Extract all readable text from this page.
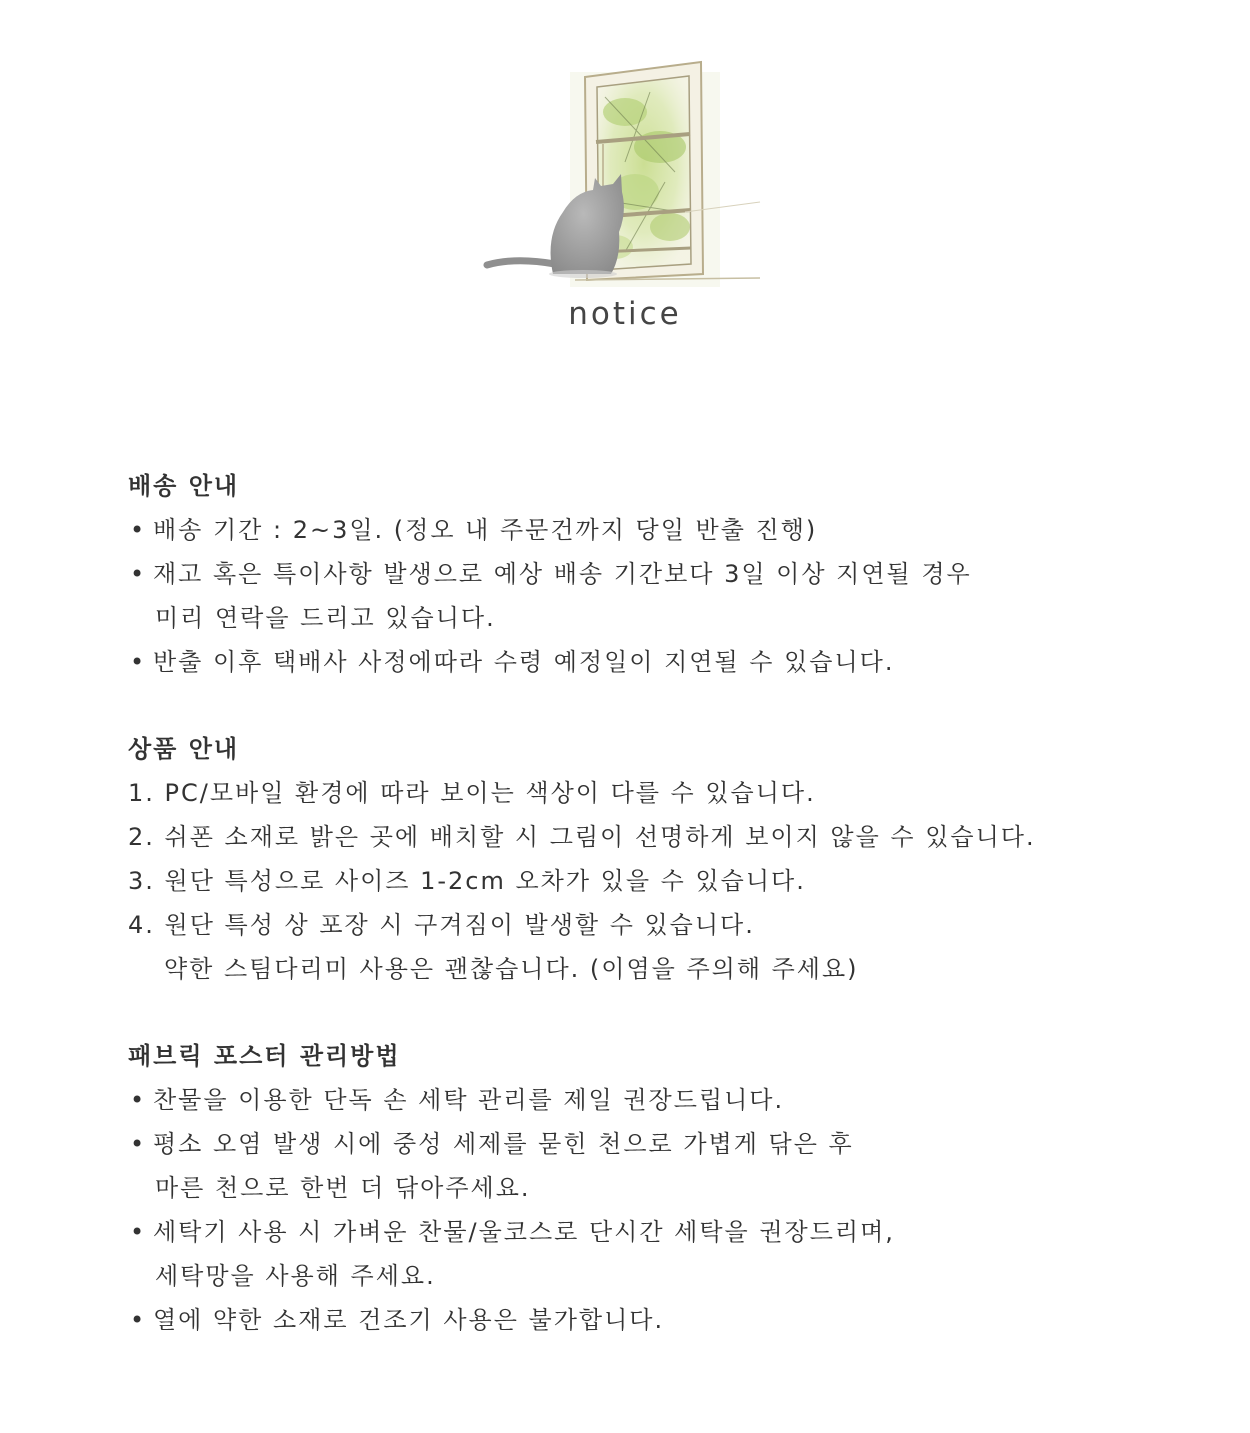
notice
배송 안내
• 배송 기간 : 2~3일. (정오 내 주문건까지 당일 반출 진행)
• 재고 혹은 특이사항 발생으로 예상 배송 기간보다 3일 이상 지연될 경우
미리 연락을 드리고 있습니다.
• 반출 이후 택배사 사정에따라 수령 예정일이 지연될 수 있습니다.
상품 안내
1. PC/모바일 환경에 따라 보이는 색상이 다를 수 있습니다.
2. 쉬폰 소재로 밝은 곳에 배치할 시 그림이 선명하게 보이지 않을 수 있습니다.
3. 원단 특성으로 사이즈 1-2cm 오차가 있을 수 있습니다.
4. 원단 특성 상 포장 시 구겨짐이 발생할 수 있습니다.
약한 스팀다리미 사용은 괜찮습니다. (이염을 주의해 주세요)
패브릭 포스터 관리방법
• 찬물을 이용한 단독 손 세탁 관리를 제일 권장드립니다.
• 평소 오염 발생 시에 중성 세제를 묻힌 천으로 가볍게 닦은 후
마른 천으로 한번 더 닦아주세요.
• 세탁기 사용 시 가벼운 찬물/울코스로 단시간 세탁을 권장드리며,
세탁망을 사용해 주세요.
• 열에 약한 소재로 건조기 사용은 불가합니다.
